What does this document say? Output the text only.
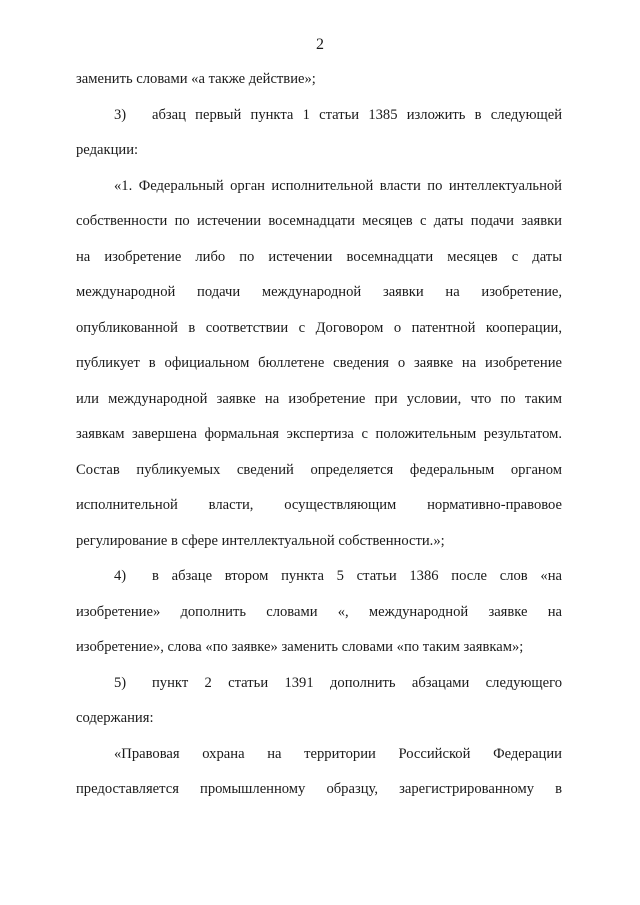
2
заменить словами «а также действие»;
3) абзац первый пункта 1 статьи 1385 изложить в следующей
редакции:
«1. Федеральный орган исполнительной власти по интеллектуальной
собственности по истечении восемнадцати месяцев с даты подачи заявки
на изобретение либо по истечении восемнадцати месяцев с даты
международной подачи международной заявки на изобретение,
опубликованной в соответствии с Договором о патентной кооперации,
публикует в официальном бюллетене сведения о заявке на изобретение
или международной заявке на изобретение при условии, что по таким
заявкам завершена формальная экспертиза с положительным результатом.
Состав публикуемых сведений определяется федеральным органом
исполнительной власти, осуществляющим нормативно-правовое
регулирование в сфере интеллектуальной собственности.»;
4) в абзаце втором пункта 5 статьи 1386 после слов «на
изобретение» дополнить словами «, международной заявке на
изобретение», слова «по заявке» заменить словами «по таким заявкам»;
5) пункт 2 статьи 1391 дополнить абзацами следующего
содержания:
«Правовая охрана на территории Российской Федерации
предоставляется промышленному образцу, зарегистрированному в
